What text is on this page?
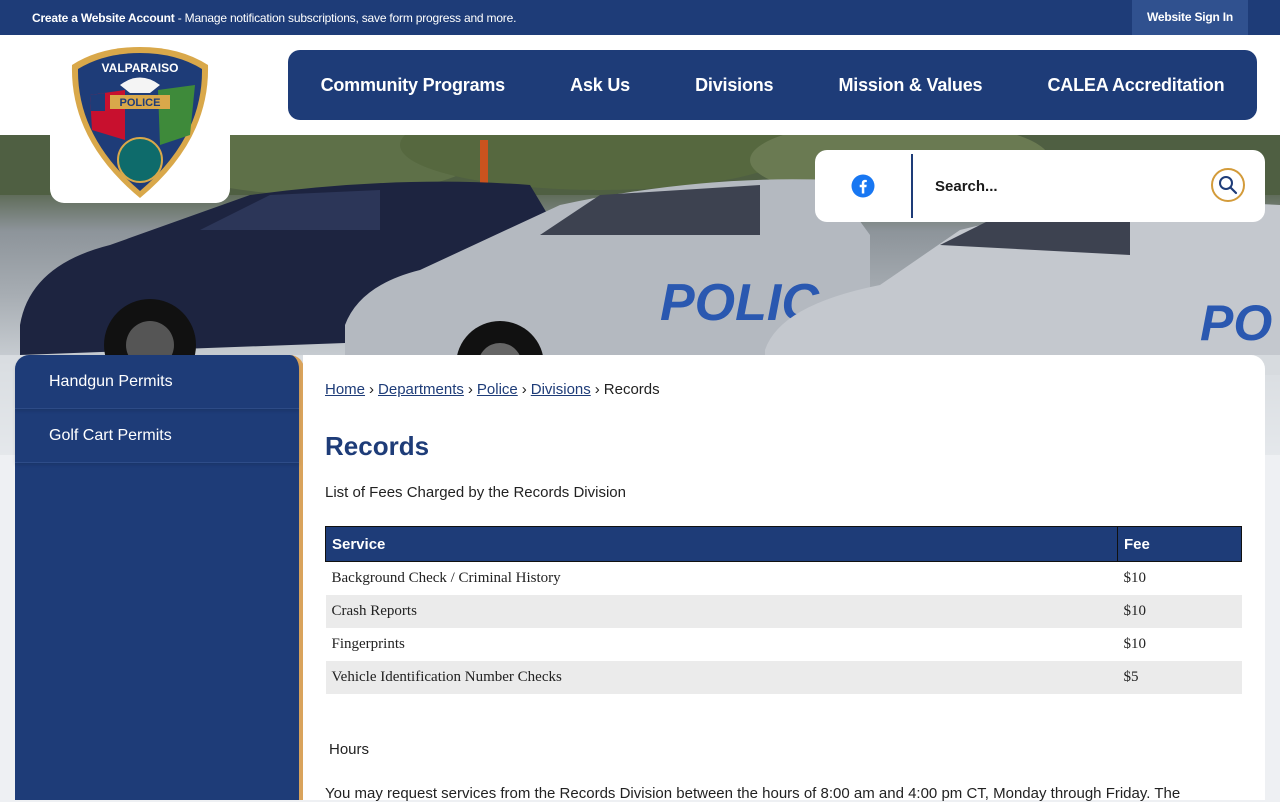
Create a Website Account - Manage notification subscriptions, save form progress and more.	Website Sign In
POLIC	PO
POLICE
VALPARAISO
Community Programs	Ask Us	Divisions	Mission & Values	CALEA Accreditation
Search...
Handgun Permits
Golf Cart Permits
Home › Departments › Police › Divisions › Records
Records
List of Fees Charged by the Records Division
Service	Fee
Background Check / Criminal History	$10
Crash Reports	$10
Fingerprints	$10
Vehicle Identification Number Checks	$5
Hours
You may request services from the Records Division between the hours of 8:00 am and 4:00 pm CT, Monday through Friday. The
